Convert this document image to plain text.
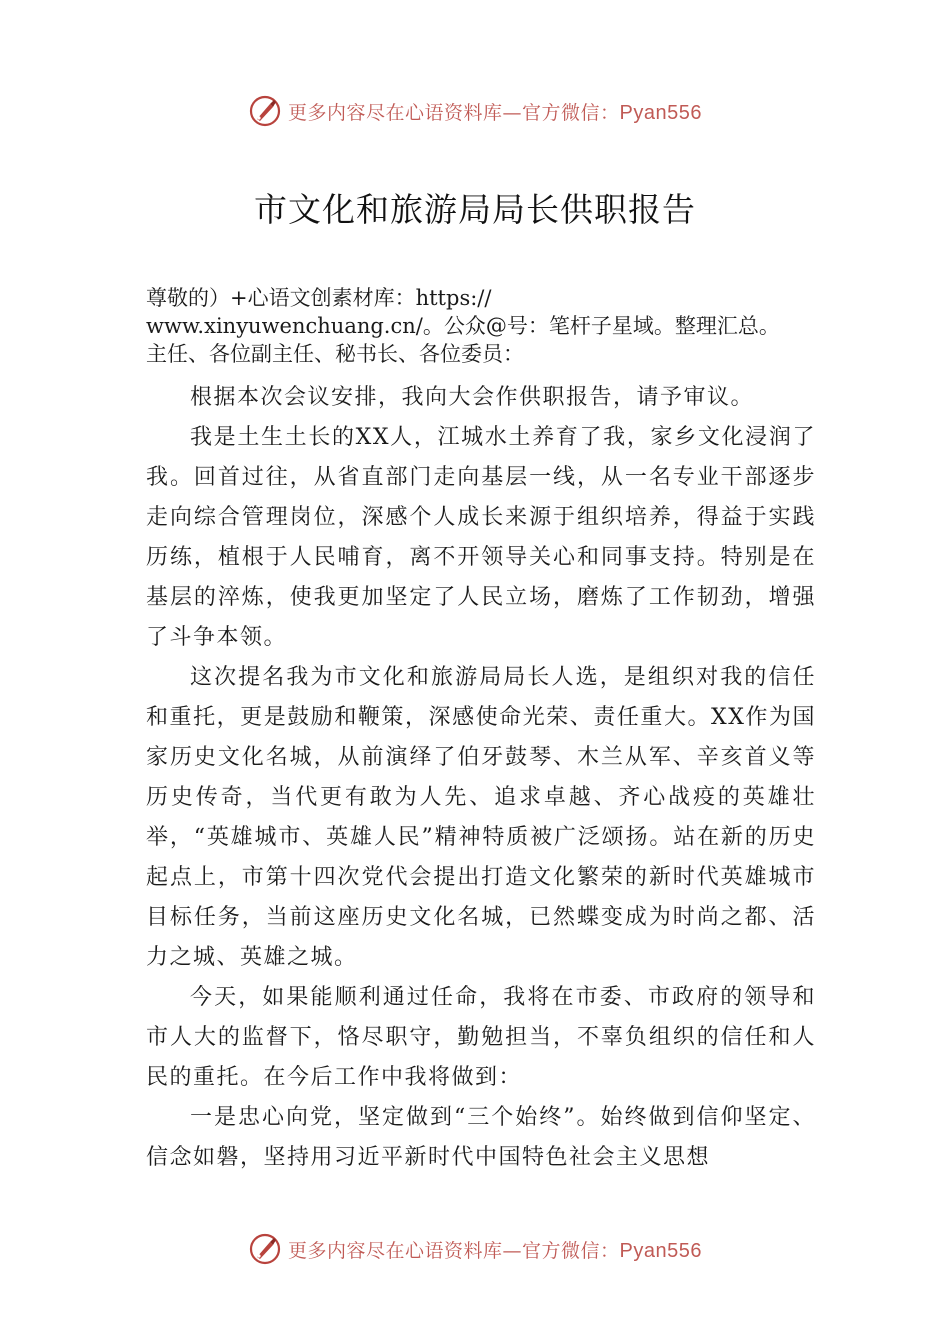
更多内容尽在心语资料库—官方微信：Pyan556
市文化和旅游局局长供职报告
尊敬的）+心语文创素材库：https://
www.xinyuwenchuang.cn/。公众@号：笔杆子星域。整理汇总。
主任、各位副主任、秘书长、各位委员：

根据本次会议安排，我向大会作供职报告，请予审议。

我是土生土长的XX人，江城水土养育了我，家乡文化浸润了我。回首过往，从省直部门走向基层一线，从一名专业干部逐步走向综合管理岗位，深感个人成长来源于组织培养，得益于实践历练，植根于人民哺育，离不开领导关心和同事支持。特别是在基层的淬炼，使我更加坚定了人民立场，磨炼了工作韧劲，增强了斗争本领。

这次提名我为市文化和旅游局局长人选，是组织对我的信任和重托，更是鼓励和鞭策，深感使命光荣、责任重大。XX作为国家历史文化名城，从前演绎了伯牙鼓琴、木兰从军、辛亥首义等历史传奇，当代更有敢为人先、追求卓越、齐心战疫的英雄壮举，“英雄城市、英雄人民”精神特质被广泛颂扬。站在新的历史起点上，市第十四次党代会提出打造文化繁荣的新时代英雄城市目标任务，当前这座历史文化名城，已然蝶变成为时尚之都、活力之城、英雄之城。

今天，如果能顺利通过任命，我将在市委、市政府的领导和市人大的监督下，恪尽职守，勤勉担当，不辜负组织的信任和人民的重托。在今后工作中我将做到：

一是忠心向党，坚定做到“三个始终”。始终做到信仰坚定、信念如磐，坚持用习近平新时代中国特色社会主义思想

更多内容尽在心语资料库—官方微信：Pyan556
